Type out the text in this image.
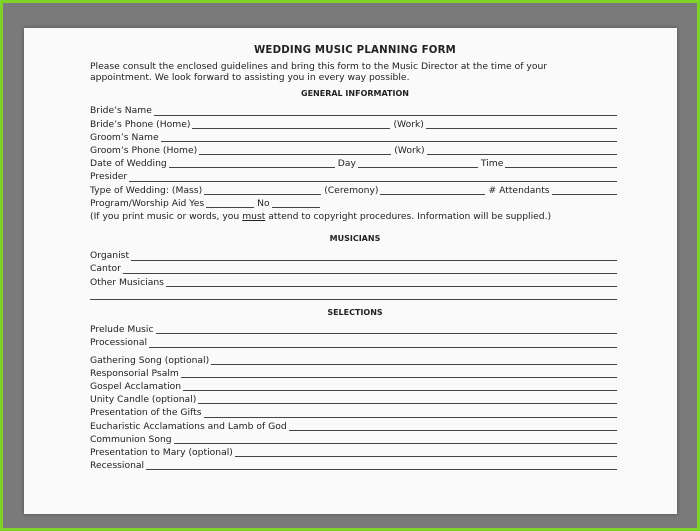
WEDDING MUSIC PLANNING FORM
Please consult the enclosed guidelines and bring this form to the Music Director at the time of your
appointment. We look forward to assisting you in every way possible.
GENERAL INFORMATION
Bride’s Name
Bride’s Phone (Home)	(Work)
Groom’s Name
Groom’s Phone (Home)	(Work)
Date of Wedding	Day	Time
Presider
Type of Wedding: (Mass)	(Ceremony)	# Attendants
Program/Worship Aid Yes	No
(If you print music or words, you must attend to copyright procedures. Information will be supplied.)
MUSICIANS
Organist
Cantor
Other Musicians
SELECTIONS
Prelude Music
Processional
Gathering Song (optional)
Responsorial Psalm
Gospel Acclamation
Unity Candle (optional)
Presentation of the Gifts
Eucharistic Acclamations and Lamb of God
Communion Song
Presentation to Mary (optional)
Recessional
